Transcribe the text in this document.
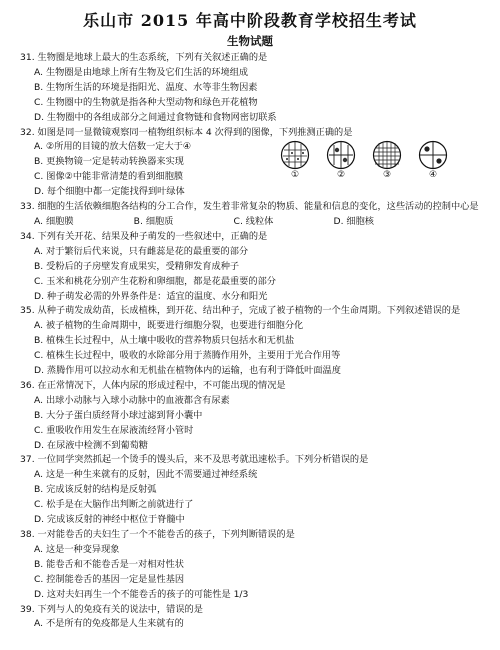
乐山市 2015 年高中阶段教育学校招生考试
生物试题
31. 生物圈是地球上最大的生态系统，下列有关叙述正确的是
A. 生物圈是由地球上所有生物及它们生活的环境组成
B. 生物所生活的环境是指阳光、温度、水等非生物因素
C. 生物圈中的生物就是指各种大型动物和绿色开花植物
D. 生物圈中的各组成部分之间通过食物链和食物网密切联系
32. 如图是同一显微镜观察同一植物组织标本 4 次得到的图像，下列推测正确的是
A. ②所用的目镜的放大倍数一定大于④
B. 更换物镜一定是转动转换器来实现
C. 图像②中能非常清楚的看到细胞膜
D. 每个细胞中都一定能找得到叶绿体
①	②	③	④
33. 细胞的生活依赖细胞各结构的分工合作，发生着非常复杂的物质、能量和信息的变化，这些活动的控制中心是
A. 细胞膜	B. 细胞质	C. 线粒体	D. 细胞核
34. 下列有关开花、结果及种子萌发的一些叙述中，正确的是
A. 对于繁衍后代来说，只有雌蕊是花的最重要的部分
B. 受粉后的子房壁发育成果实，受精卵发育成种子
C. 玉米和桃花分别产生花粉和卵细胞，都是花最重要的部分
D. 种子萌发必需的外界条件是：适宜的温度、水分和阳光
35. 从种子萌发成幼苗，长成植株，到开花、结出种子，完成了被子植物的一个生命周期。下列叙述错误的是
A. 被子植物的生命周期中，既要进行细胞分裂，也要进行细胞分化
B. 植株生长过程中，从土壤中吸收的营养物质只包括水和无机盐
C. 植株生长过程中，吸收的水除部分用于蒸腾作用外，主要用于光合作用等
D. 蒸腾作用可以拉动水和无机盐在植物体内的运输，也有利于降低叶面温度
36. 在正常情况下，人体内尿的形成过程中，不可能出现的情况是
A. 出球小动脉与入球小动脉中的血液都含有尿素
B. 大分子蛋白质经肾小球过滤到肾小囊中
C. 重吸收作用发生在尿液流经肾小管时
D. 在尿液中检测不到葡萄糖
37. 一位同学突然抓起一个烫手的馒头后，来不及思考就迅速松手。下列分析错误的是
A. 这是一种生来就有的反射，因此不需要通过神经系统
B. 完成该反射的结构是反射弧
C. 松手是在大脑作出判断之前就进行了
D. 完成该反射的神经中枢位于脊髓中
38. 一对能卷舌的夫妇生了一个不能卷舌的孩子，下列判断错误的是
A. 这是一种变异现象
B. 能卷舌和不能卷舌是一对相对性状
C. 控制能卷舌的基因一定是显性基因
D. 这对夫妇再生一个不能卷舌的孩子的可能性是 1/3
39. 下列与人的免疫有关的说法中，错误的是
A. 不是所有的免疫都是人生来就有的
